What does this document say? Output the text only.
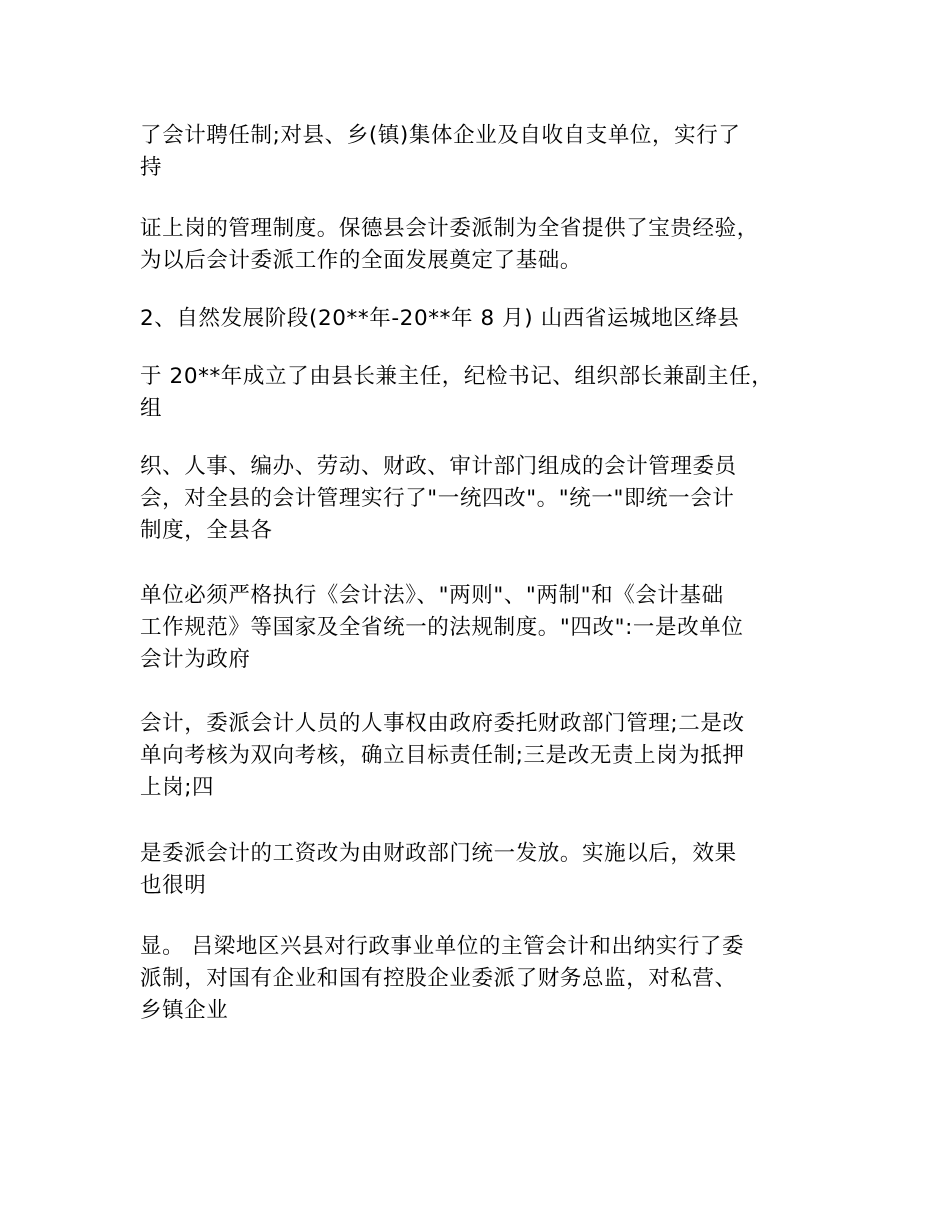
了会计聘任制;对县、乡(镇)集体企业及自收自支单位，实行了
持
证上岗的管理制度。保德县会计委派制为全省提供了宝贵经验，
为以后会计委派工作的全面发展奠定了基础。
2、自然发展阶段(20**年-20**年 8 月) 山西省运城地区绛县
于 20**年成立了由县长兼主任，纪检书记、组织部长兼副主任，
组
织、人事、编办、劳动、财政、审计部门组成的会计管理委员
会，对全县的会计管理实行了"一统四改"。"统一"即统一会计
制度，全县各
单位必须严格执行《会计法》、"两则"、"两制"和《会计基础
工作规范》等国家及全省统一的法规制度。"四改":一是改单位
会计为政府
会计，委派会计人员的人事权由政府委托财政部门管理;二是改
单向考核为双向考核，确立目标责任制;三是改无责上岗为抵押
上岗;四
是委派会计的工资改为由财政部门统一发放。实施以后，效果
也很明
显。 吕梁地区兴县对行政事业单位的主管会计和出纳实行了委
派制，对国有企业和国有控股企业委派了财务总监，对私营、
乡镇企业
